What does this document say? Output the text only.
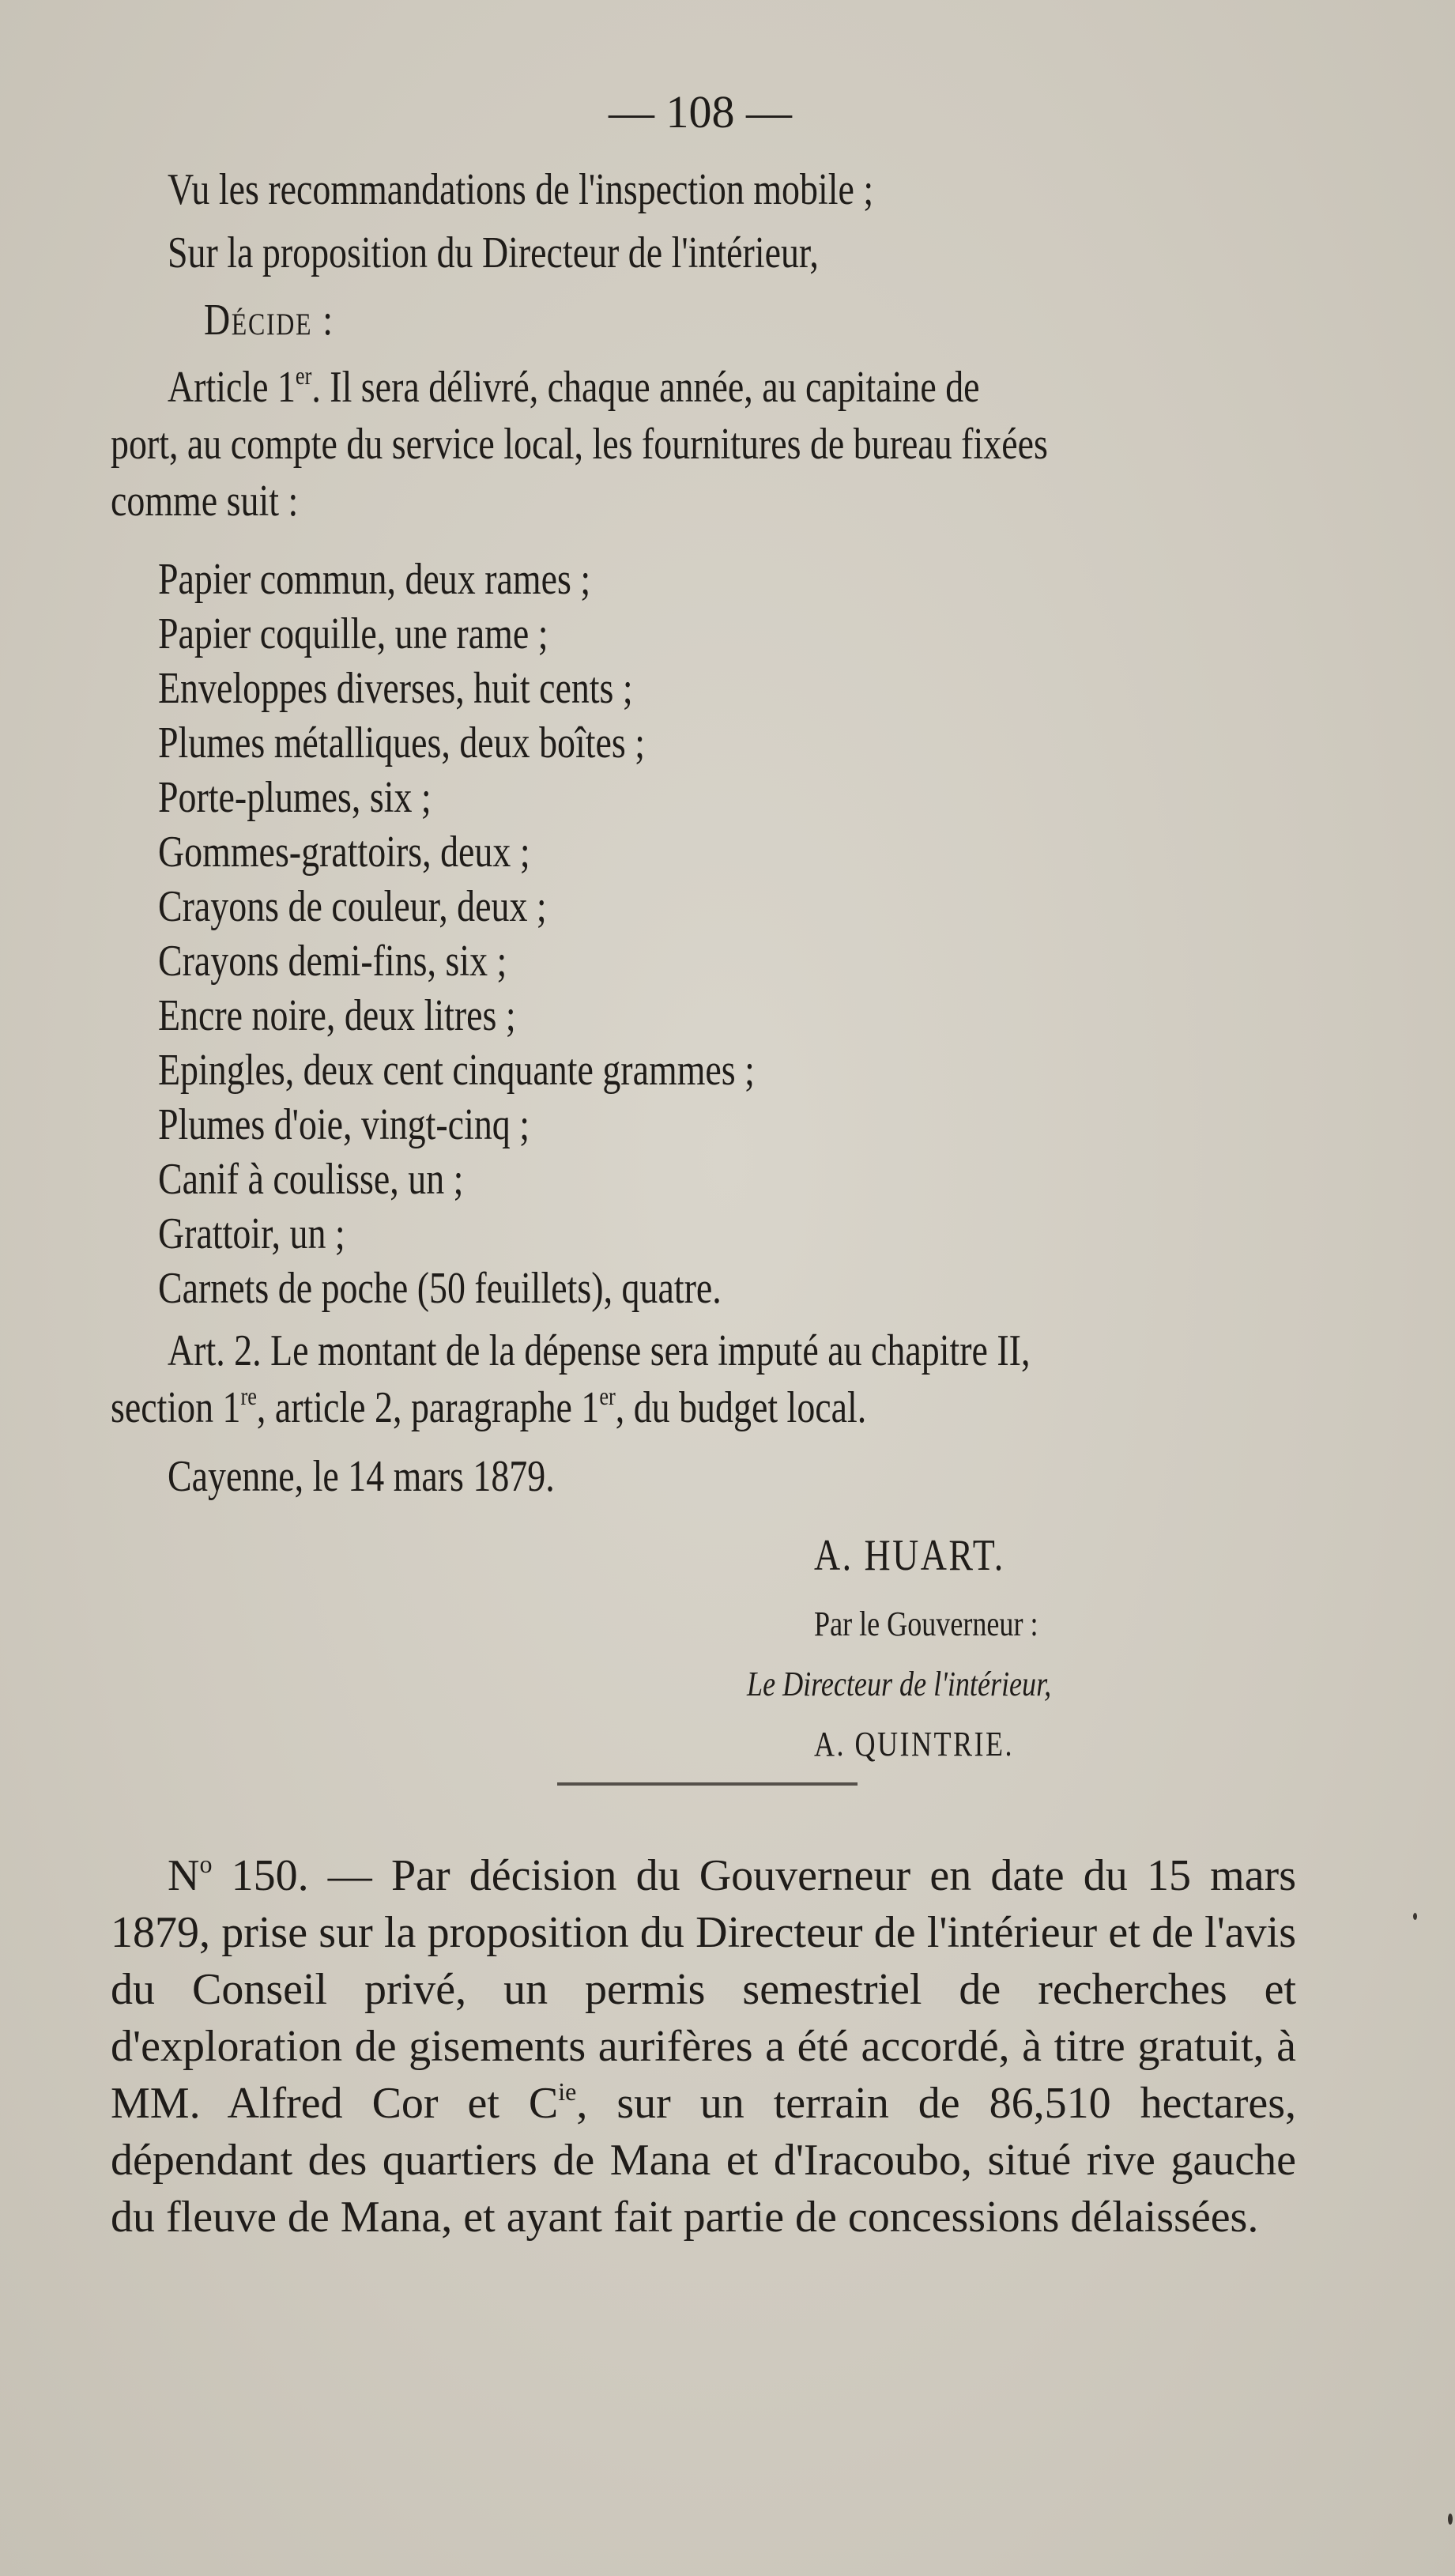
— 108 —
Vu les recommandations de l'inspection mobile ;
Sur la proposition du Directeur de l'intérieur,
Décide :
Article 1er. Il sera délivré, chaque année, au capitaine de
port, au compte du service local, les fournitures de bureau fixées
comme suit :
Papier commun, deux rames ;
Papier coquille, une rame ;
Enveloppes diverses, huit cents ;
Plumes métalliques, deux boîtes ;
Porte-plumes, six ;
Gommes-grattoirs, deux ;
Crayons de couleur, deux ;
Crayons demi-fins, six ;
Encre noire, deux litres ;
Epingles, deux cent cinquante grammes ;
Plumes d'oie, vingt-cinq ;
Canif à coulisse, un ;
Grattoir, un ;
Carnets de poche (50 feuillets), quatre.
Art. 2. Le montant de la dépense sera imputé au chapitre II,
section 1re, article 2, paragraphe 1er, du budget local.
Cayenne, le 14 mars 1879.
A. HUART.
Par le Gouverneur :
Le Directeur de l'intérieur,
A. QUINTRIE.
$N^o$ 150. — Par décision du Gouverneur en date du 15 mars 1879, prise sur la proposition du Directeur de l'intérieur et de l'avis du Conseil privé, un permis semestriel de recherches et d'exploration de gisements aurifères a été accordé, à titre gratuit, à MM. Alfred Cor et $C^{ie}$, sur un terrain de 86,510 hectares, dépendant des quartiers de Mana et d'Iracoubo, situé rive gauche du fleuve de Mana, et ayant fait partie de concessions délaissées.
